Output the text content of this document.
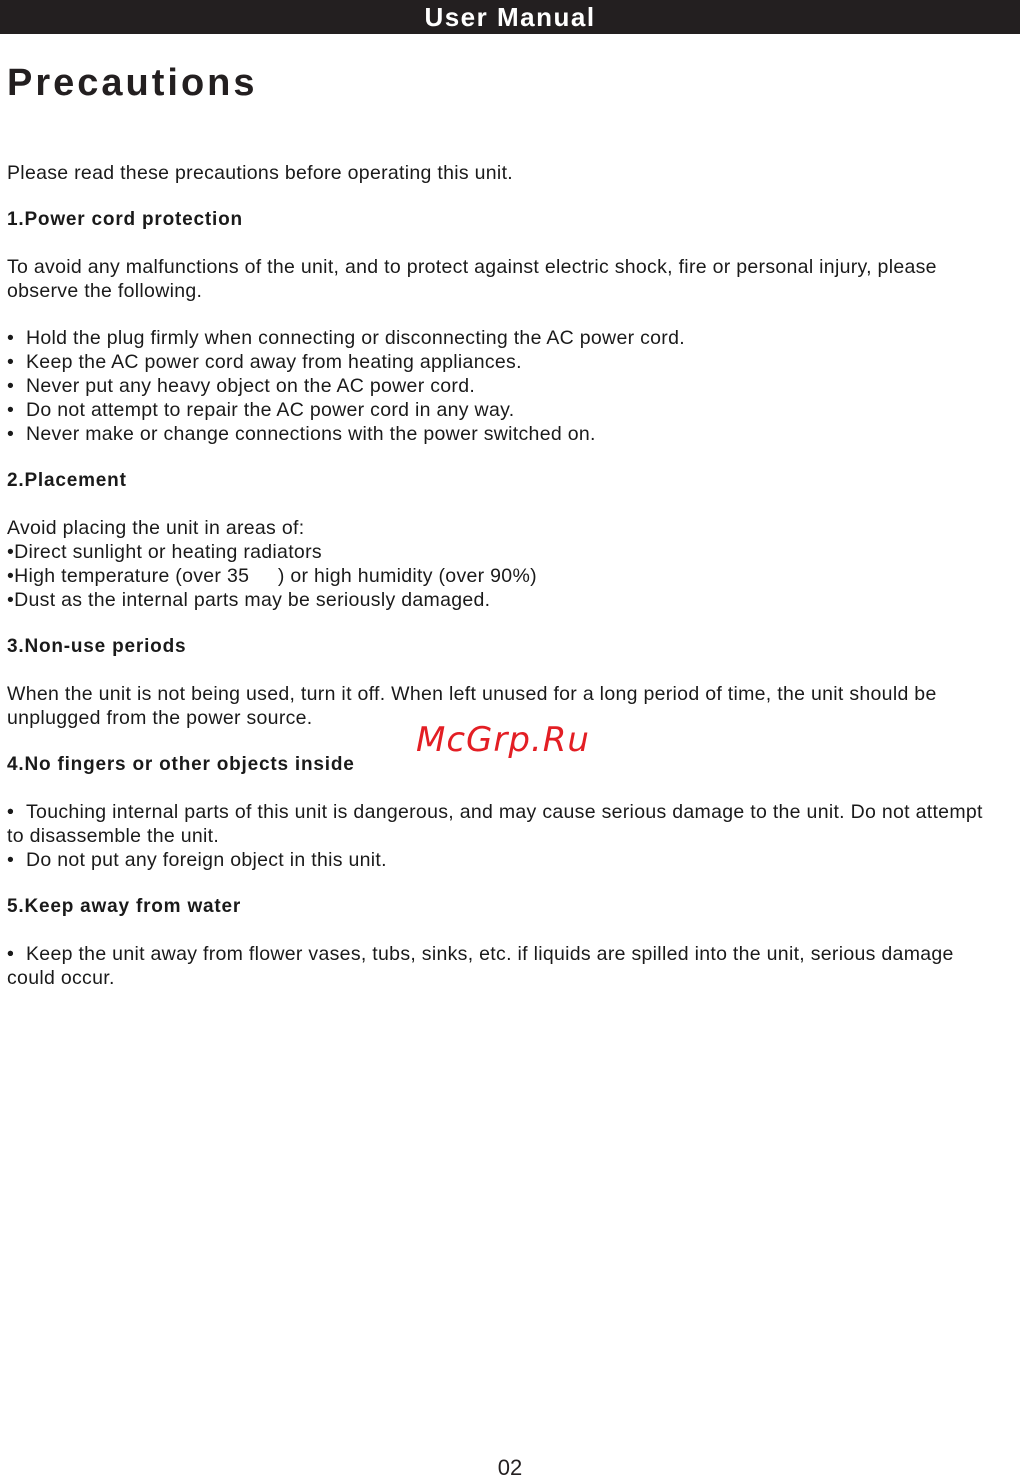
User Manual
Precautions

Please read these precautions before operating this unit.

1.Power cord protection

To avoid any malfunctions of the unit, and to protect against electric shock, fire or personal injury, please observe the following.

• Hold the plug firmly when connecting or disconnecting the AC power cord.
• Keep the AC power cord away from heating appliances.
• Never put any heavy object on the AC power cord.
• Do not attempt to repair the AC power cord in any way.
• Never make or change connections with the power switched on.

2.Placement

Avoid placing the unit in areas of:

•Direct sunlight or heating radiators
•High temperature (over 35     ) or high humidity (over 90%)
•Dust as the internal parts may be seriously damaged.

3.Non-use periods

When the unit is not being used, turn it off. When left unused for a long period of time, the unit should be unplugged from the power source.

4.No fingers or other objects inside

• • Touching internal parts of this unit is dangerous, and may cause serious damage to the unit. Do not attempt to disassemble the unit.
• Do not put any foreign object in this unit.

5.Keep away from water

• • Keep the unit away from flower vases, tubs, sinks, etc. if liquids are spilled into the unit, serious damage could occur.
McGrp.Ru
02
